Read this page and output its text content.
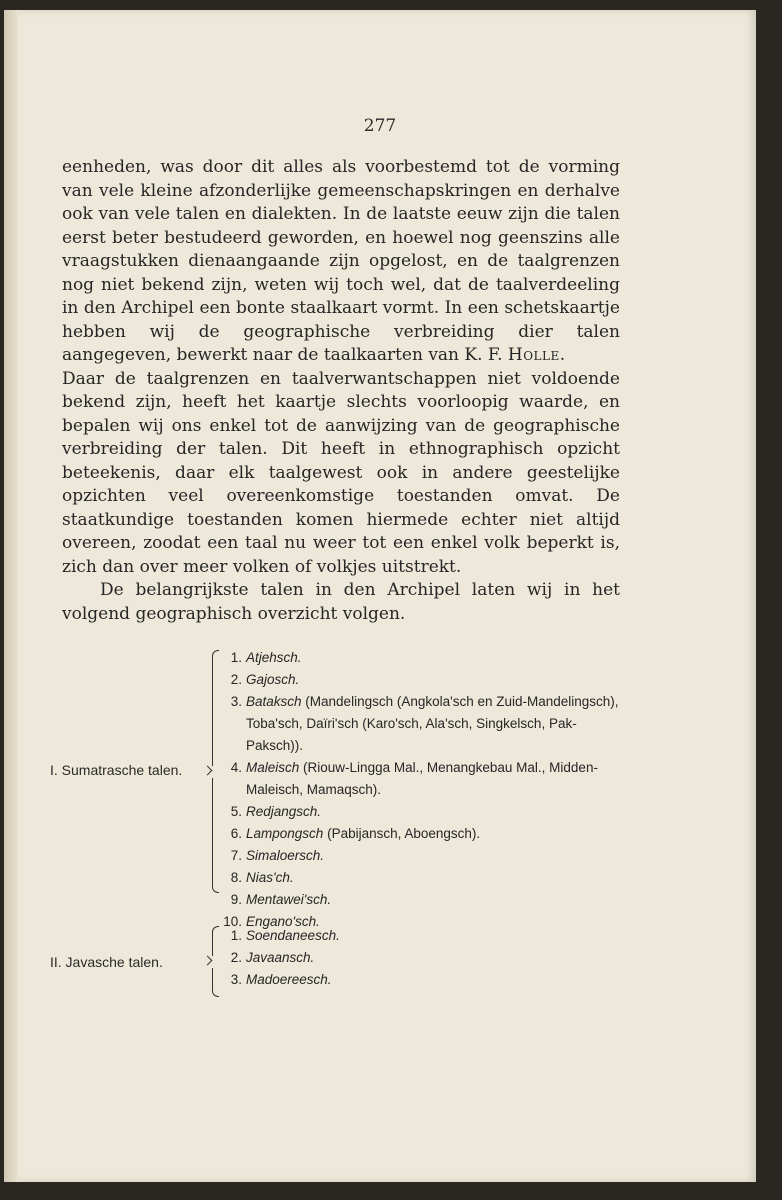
277

eenheden, was door dit alles als voorbestemd tot de vorming van vele kleine afzonderlijke gemeenschapskringen en derhalve ook van vele talen en dialekten. In de laatste eeuw zijn die talen eerst beter bestudeerd geworden, en hoewel nog geenszins alle vraagstukken dienaangaande zijn opgelost, en de taalgrenzen nog niet bekend zijn, weten wij toch wel, dat de taalverdeeling in den Archipel een bonte staalkaart vormt. In een schetskaartje hebben wij de geographische verbreiding dier talen aangegeven, bewerkt naar de taalkaarten van K. F. Holle.

Daar de taalgrenzen en taalverwantschappen niet voldoende bekend zijn, heeft het kaartje slechts voorloopig waarde, en bepalen wij ons enkel tot de aanwijzing van de geographische verbreiding der talen. Dit heeft in ethnographisch opzicht beteekenis, daar elk taalgewest ook in andere geestelijke opzichten veel overeenkomstige toestanden omvat. De staatkundige toestanden komen hiermede echter niet altijd overeen, zoodat een taal nu weer tot een enkel volk beperkt is, zich dan over meer volken of volkjes uitstrekt.

De belangrijkste talen in den Archipel laten wij in het volgend geographisch overzicht volgen.

I. Sumatrasche talen.
1. Atjehsch.
2. Gajosch.
3. Bataksch (Mandelingsch (Angkola'sch en Zuid-Mandelingsch), Toba'sch, Daïri'sch (Karo'sch, Ala'sch, Singkelsch, Pak-Paksch)).
4. Maleisch (Riouw-Lingga Mal., Menangkebau Mal., Midden-Maleisch, Mamaqsch).
5. Redjangsch.
6. Lampongsch (Pabijansch, Aboengsch).
7. Simaloersch.
8. Nias'ch.
9. Mentawei'sch.
10. Engano'sch.
II. Javasche talen.
1. Soendaneesch.
2. Javaansch.
3. Madoereesch.
